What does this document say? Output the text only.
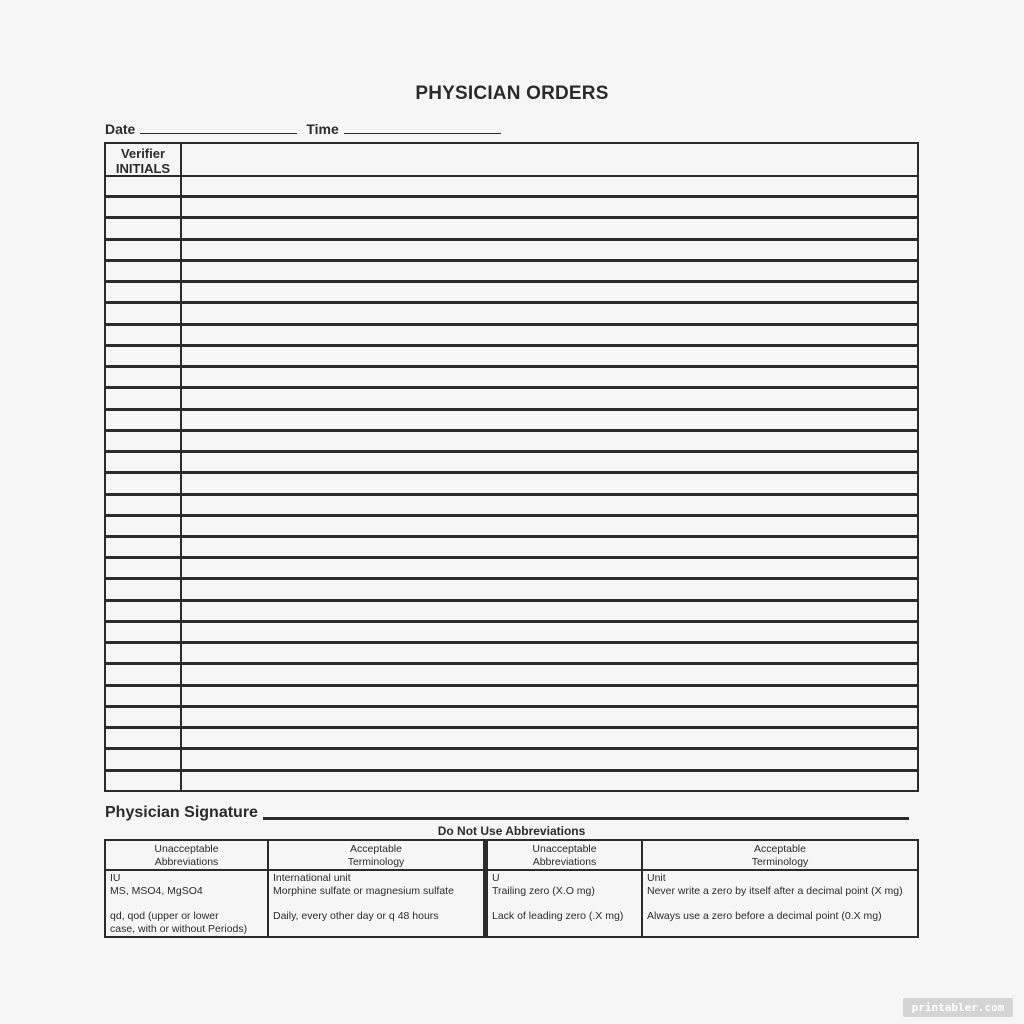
PHYSICIAN ORDERS
Date	Time
Verifier
INITIALS
Physician Signature
Do Not Use Abbreviations
Unacceptable
Abbreviations
IU
MS, MSO4, MgSO4
qd, qod (upper or lower
case, with or without Periods)
Acceptable
Terminology
International unit
Morphine sulfate or magnesium sulfate
Daily, every other day or q 48 hours
Unacceptable
Abbreviations
U
Trailing zero (X.O mg)
Lack of leading zero (.X mg)
Acceptable
Terminology
Unit
Never write a zero by itself after a decimal point (X mg)
Always use a zero before a decimal point (0.X mg)
printabler.com
